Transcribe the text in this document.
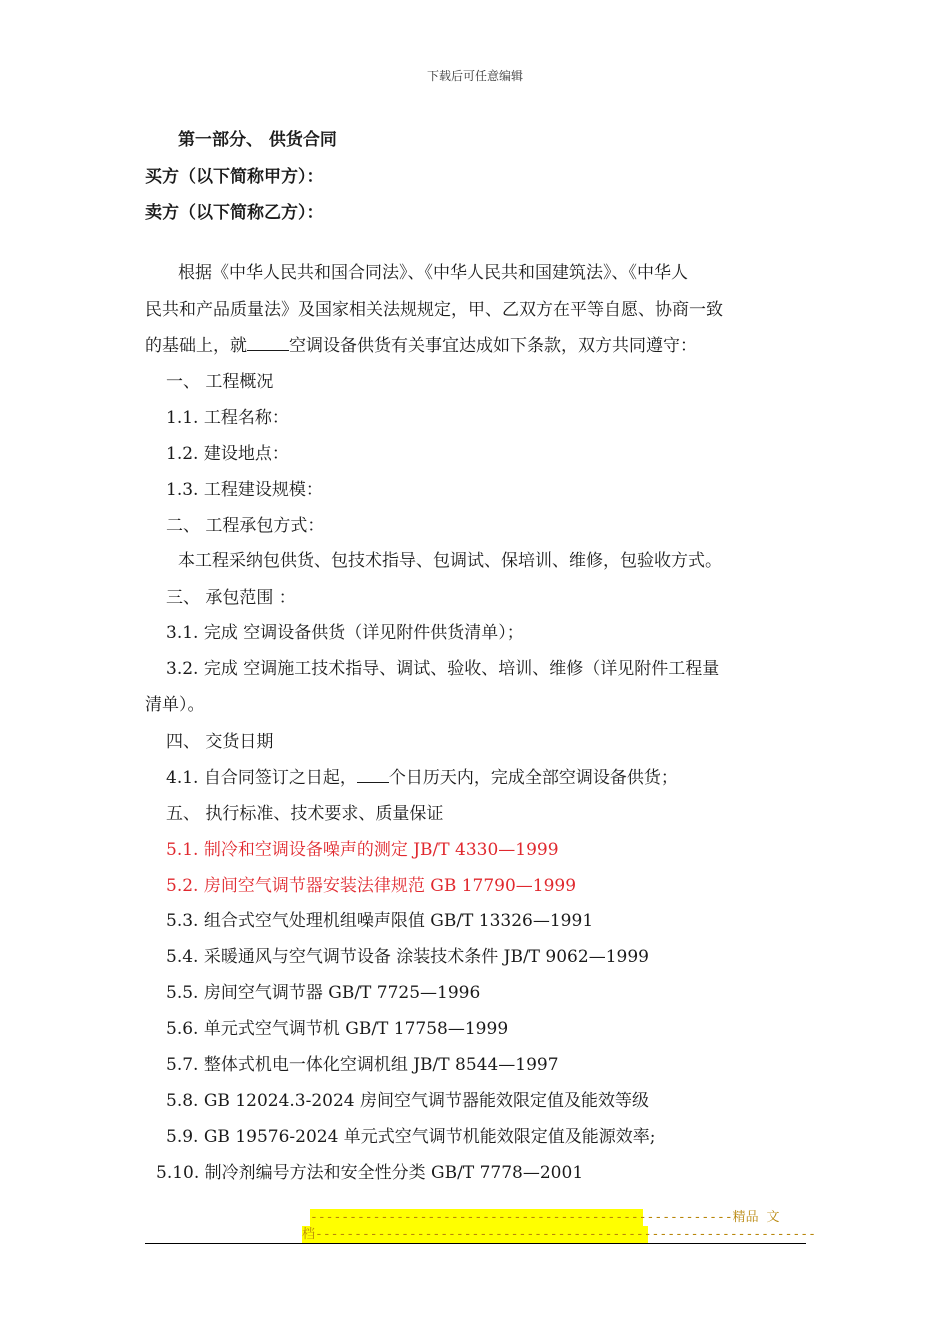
下载后可任意编辑
第一部分、 供货合同
买方（以下简称甲方）：
卖方（以下简称乙方）：
根据《中华人民共和国合同法》、《中华人民共和国建筑法》、《中华人
民共和产品质量法》及国家相关法规规定，甲、乙双方在平等自愿、协商一致
的基础上，就 空调设备供货有关事宜达成如下条款，双方共同遵守：
一、 工程概况
1.1. 工程名称：
1.2. 建设地点：
1.3. 工程建设规模：
二、 工程承包方式：
本工程采纳包供货、包技术指导、包调试、保培训、维修，包验收方式。
三、 承包范围 ：
3.1. 完成 空调设备供货（详见附件供货清单）；
3.2. 完成 空调施工技术指导、调试、验收、培训、维修（详见附件工程量
清单）。
四、 交货日期
4.1. 自合同签订之日起， 个日历天内，完成全部空调设备供货；
五、 执行标准、技术要求、质量保证
5.1. 制冷和空调设备噪声的测定 JB/T 4330—1999
5.2. 房间空气调节器安装法律规范 GB 17790—1999
5.3. 组合式空气处理机组噪声限值 GB/T 13326—1991
5.4. 采暖通风与空气调节设备 涂装技术条件 JB/T 9062—1999
5.5. 房间空气调节器 GB/T 7725—1996
5.6. 单元式空气调节机 GB/T 17758—1999
5.7. 整体式机电一体化空调机组 JB/T 8544—1997
5.8. GB 12024.3-2024 房间空气调节器能效限定值及能效等级
5.9. GB 19576-2024 单元式空气调节机能效限定值及能源效率;
5.10. 制冷剂编号方法和安全性分类 GB/T 7778—2001
------------------------------------------------------精品 文
档----------------------------------------------------------------
